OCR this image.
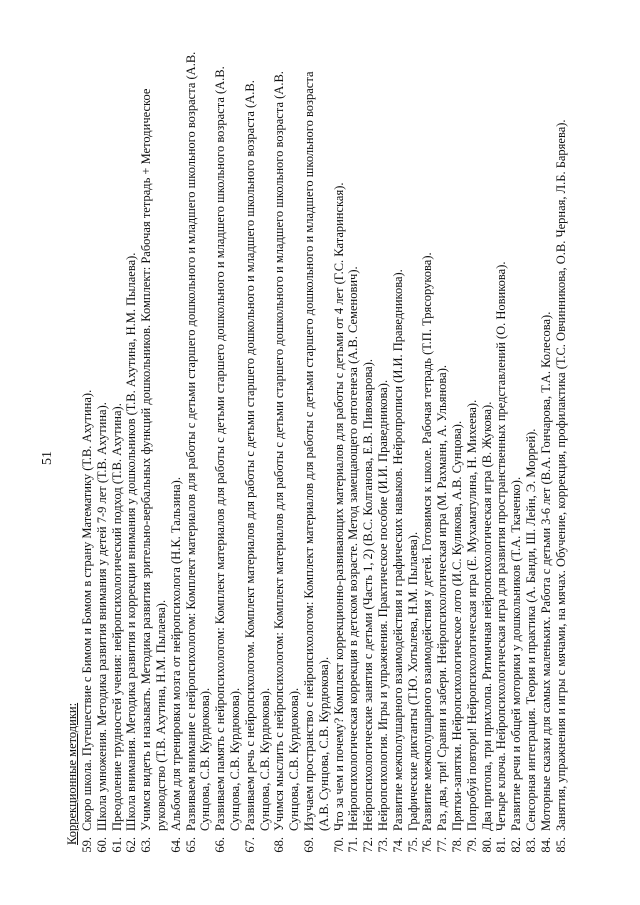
51
Коррекционные методики: 59.
Скоро школа. Путешествие с Бимом и Бомом в страну Математику (Т.В. Ахутина).
60.
Школа умножения. Методика развития внимания у детей 7-9 лет (Т.В. Ахутина).
61.
Преодоление трудностей учения: нейропсихологический подход (Т.В. Ахутина).
62.
Школа внимания. Методика развития и коррекции внимания у дошкольников (Т.В. Ахутина, Н.М. Пылаева).
63.
Учимся видеть и называть. Методика развития зрительно-вербальных функций дошкольников. Комплект: Рабочая тетрадь + Методическое руководство (Т.В. Ахутина, Н.М. Пылаева).
64.
Альбом для тренировки мозга от нейропсихолога (Н.К. Тальзина).
65.
Развиваем внимание с нейропсихологом: Комплект материалов для работы с детьми старшего дошкольного и младшего школьного возраста (А.В. Сунцова, С.В. Курдюкова).
66.
Развиваем память с нейропсихологом: Комплект материалов для работы с детьми старшего дошкольного и младшего школьного возраста (А.В. Сунцова, С.В. Курдюкова).
67.
Развиваем речь с нейропсихологом. Комплект материалов для работы с детьми старшего дошкольного и младшего школьного возраста (А.В. Сунцова, С.В. Курдюкова).
68.
Учимся мыслить с нейропсихологом: Комплект материалов для работы с детьми старшего дошкольного и младшего школьного возраста (А.В. Сунцова, С.В. Курдюкова).
69.
Изучаем пространство с нейропсихологом: Комплект материалов для работы с детьми старшего дошкольного и младшего школьного возраста (А.В. Сунцова, С.В. Курдюкова).
70.
Что за чем и почему? Комплект коррекционно-развивающих материалов для работы с детьми от 4 лет (Г.С. Катаринская).
71.
Нейропсихологическая коррекция в детском возрасте. Метод замещающего онтогенеза (А.В. Семенович).
72.
Нейропсихологические занятия с детьми (Часть 1, 2) (В.С. Колганова, Е.В. Пивоварова).
73.
Нейропсихология. Игры и упражнения. Практическое пособие (И.И. Праведникова).
74.
Развитие межполушарного взаимодействия и графических навыков. Нейропрописи (И.И. Праведникова).
75.
Графические диктанты (Т.Ю. Хотылева, Н.М. Пылаева).
76.
Развитие межполушарного взаимодействия у детей. Готовимся к школе. Рабочая тетрадь (Т.П. Трясорукова).
77.
Раз, два, три! Сравни и забери. Нейропсихологическая игра (М. Рахманн, А. Ульянова).
78.
Прятки-запятки. Нейропсихологическое лото (И.С. Куликова, А.В. Сунцова).
79.
Попробуй повтори! Нейропсихологическая игра (Е. Мухаматулина, Н. Михеева).
80.
Два притопа, три прихлопа. Ритмичная нейропсихологическая игра (В. Жукова).
81.
Четыре ключа. Нейропсихологическая игра для развития пространственных представлений (О. Новикова).
82.
Развитие речи и общей моторики у дошкольников (Т.А. Ткаченко).
83.
Сенсорная интеграция. Теория и практика (А. Банди, Ш. Лейн, Э. Моррей).
84.
Моторные сказки для самых маленьких. Работа с детьми 3-6 лет (В.А. Гончарова, Т.А. Колесова).
85.
Занятия, упражнения и игры с мячами, на мячах. Обучение, коррекция, профилактика (Т.С. Овчинникова, О.В. Черная, Л.Б. Баряева).
